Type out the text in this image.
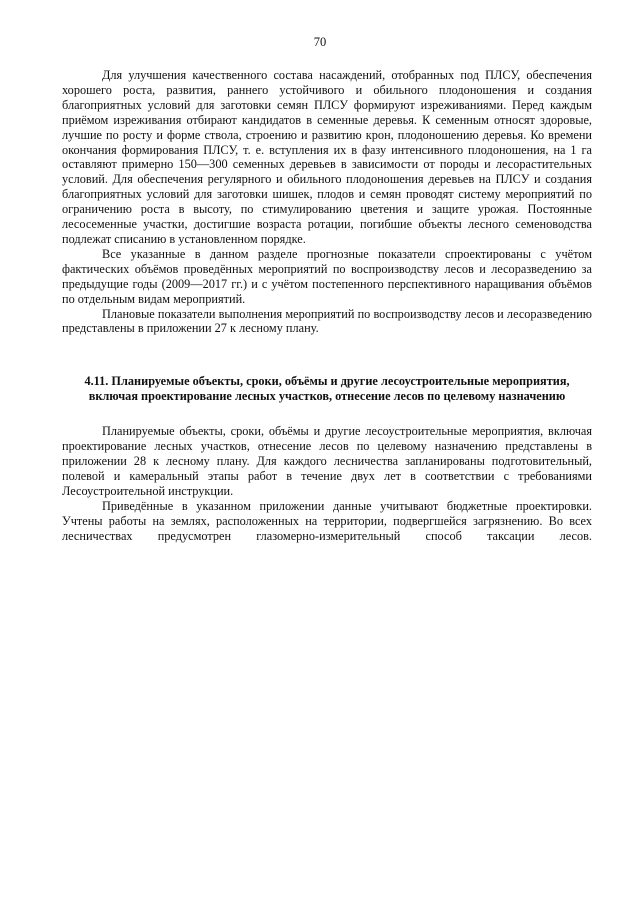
70

Для улучшения качественного состава насаждений, отобранных под ПЛСУ, обеспечения хорошего роста, развития, раннего устойчивого и обильного плодоношения и создания благоприятных условий для заготовки семян ПЛСУ формируют изреживаниями. Перед каждым приёмом изреживания отбирают кандидатов в семенные деревья. К семенным относят здоровые, лучшие по росту и форме ствола, строению и развитию крон, плодоношению деревья. Ко времени окончания формирования ПЛСУ, т. е. вступления их в фазу интенсивного плодоношения, на 1 га оставляют примерно 150—300 семенных деревьев в зависимости от породы и лесорастительных условий. Для обеспечения регулярного и обильного плодоношения деревьев на ПЛСУ и создания благоприятных условий для заготовки шишек, плодов и семян проводят систему мероприятий по ограничению роста в высоту, по стимулированию цветения и защите урожая. Постоянные лесосеменные участки, достигшие возраста ротации, погибшие объекты лесного семеноводства подлежат списанию в установленном порядке.

Все указанные в данном разделе прогнозные показатели спроектированы с учётом фактических объёмов проведённых мероприятий по воспроизводству лесов и лесоразведению за предыдущие годы (2009—2017 гг.) и с учётом постепенного перспективного наращивания объёмов по отдельным видам мероприятий.

Плановые показатели выполнения мероприятий по воспроизводству лесов и лесоразведению представлены в приложении 27 к лесному плану.

4.11. Планируемые объекты, сроки, объёмы и другие лесоустроительные мероприятия,
включая проектирование лесных участков, отнесение лесов по целевому назначению

Планируемые объекты, сроки, объёмы и другие лесоустроительные мероприятия, включая проектирование лесных участков, отнесение лесов по целевому назначению представлены в приложении 28 к лесному плану. Для каждого лесничества запланированы подготовительный, полевой и камеральный этапы работ в течение двух лет в соответствии с требованиями Лесоустроительной инструкции.

Приведённые в указанном приложении данные учитывают бюджетные проектировки. Учтены работы на землях, расположенных на территории, подвергшейся загрязнению. Во всех лесничествах предусмотрен глазомерно-измерительный способ таксации лесов.
